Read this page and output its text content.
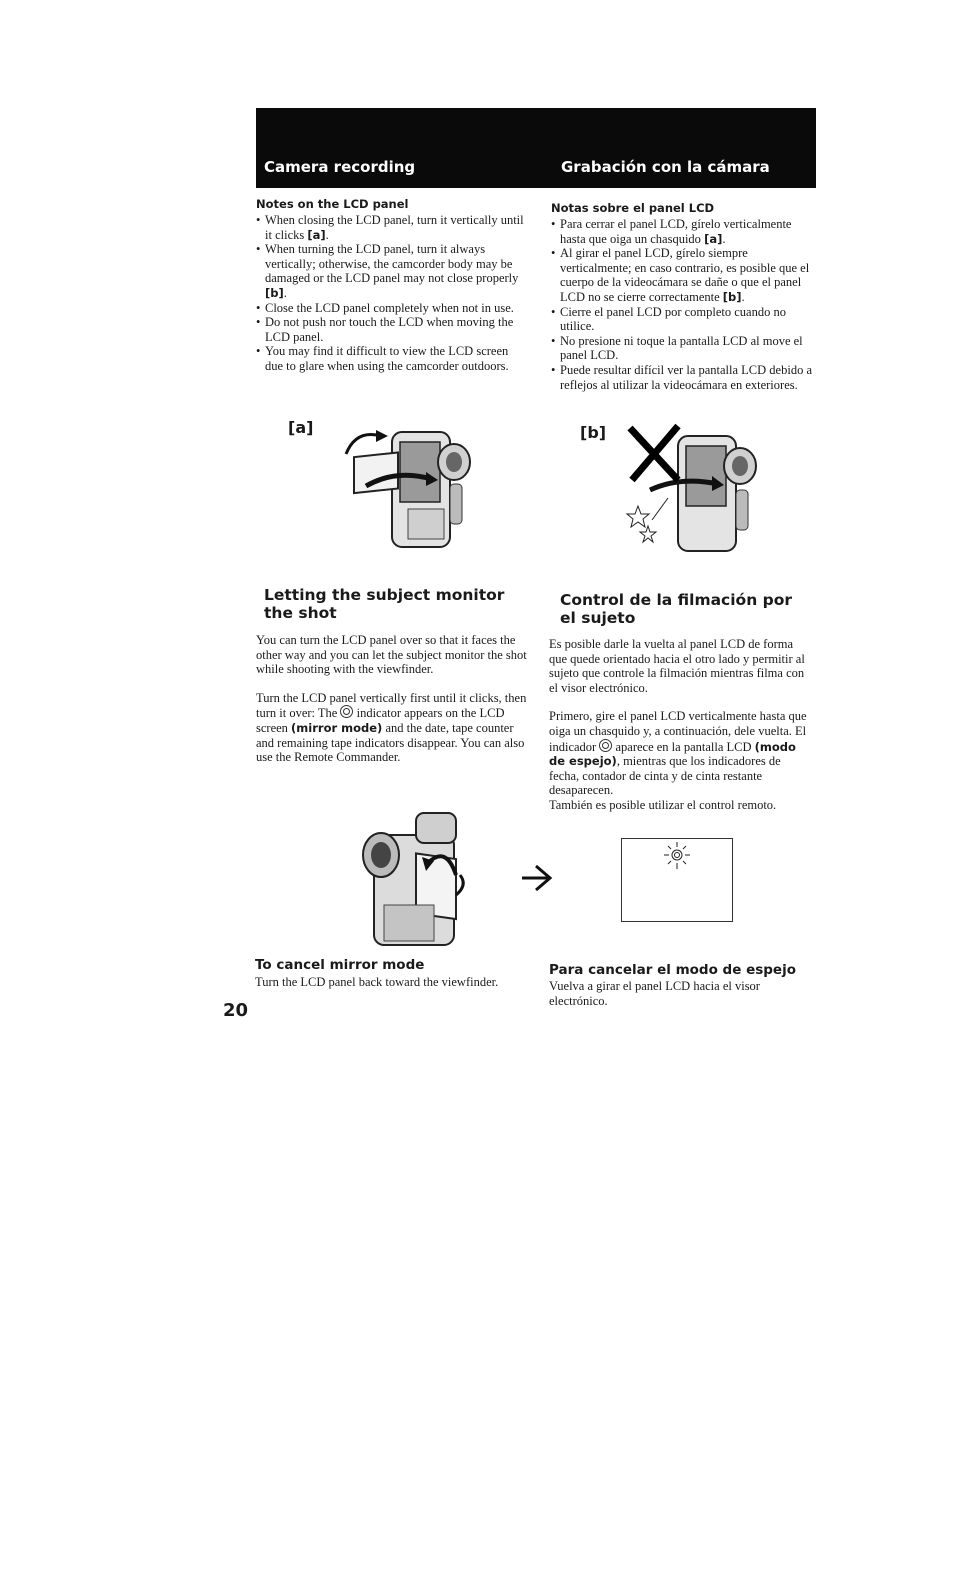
Camera recording	Grabación con la cámara
Notes on the LCD panel
• When closing the LCD panel, turn it vertically until it clicks [a].
• When turning the LCD panel, turn it always vertically; otherwise, the camcorder body may be damaged or the LCD panel may not close properly [b].
• Close the LCD panel completely when not in use.
• Do not push nor touch the LCD when moving the LCD panel.
• You may find it difficult to view the LCD screen due to glare when using the camcorder outdoors.
Notas sobre el panel LCD
• Para cerrar el panel LCD, gírelo verticalmente hasta que oiga un chasquido [a].
• Al girar el panel LCD, gírelo siempre verticalmente; en caso contrario, es posible que el cuerpo de la videocámara se dañe o que el panel LCD no se cierre correctamente [b].
• Cierre el panel LCD por completo cuando no utilice.
• No presione ni toque la pantalla LCD al move el panel LCD.
• Puede resultar difícil ver la pantalla LCD debido a reflejos al utilizar la videocámara en exteriores.
[a]	[b]
Letting the subject monitor the shot

You can turn the LCD panel over so that it faces the other way and you can let the subject monitor the shot while shooting with the viewfinder.

Turn the LCD panel vertically first until it clicks, then turn it over: The  indicator appears on the LCD screen (mirror mode) and the date, tape counter and remaining tape indicators disappear. You can also use the Remote Commander.

Control de la filmación por el sujeto

Es posible darle la vuelta al panel LCD de forma que quede orientado hacia el otro lado y permitir al sujeto que controle la filmación mientras filma con el visor electrónico.

Primero, gire el panel LCD verticalmente hasta que oiga un chasquido y, a continuación, dele vuelta. El indicador  aparece en la pantalla LCD (modo de espejo), mientras que los indicadores de fecha, contador de cinta y de cinta restante desaparecen.

También es posible utilizar el control remoto.

To cancel mirror mode
Turn the LCD panel back toward the viewfinder.
Para cancelar el modo de espejo
Vuelva a girar el panel LCD hacia el visor electrónico.
20
